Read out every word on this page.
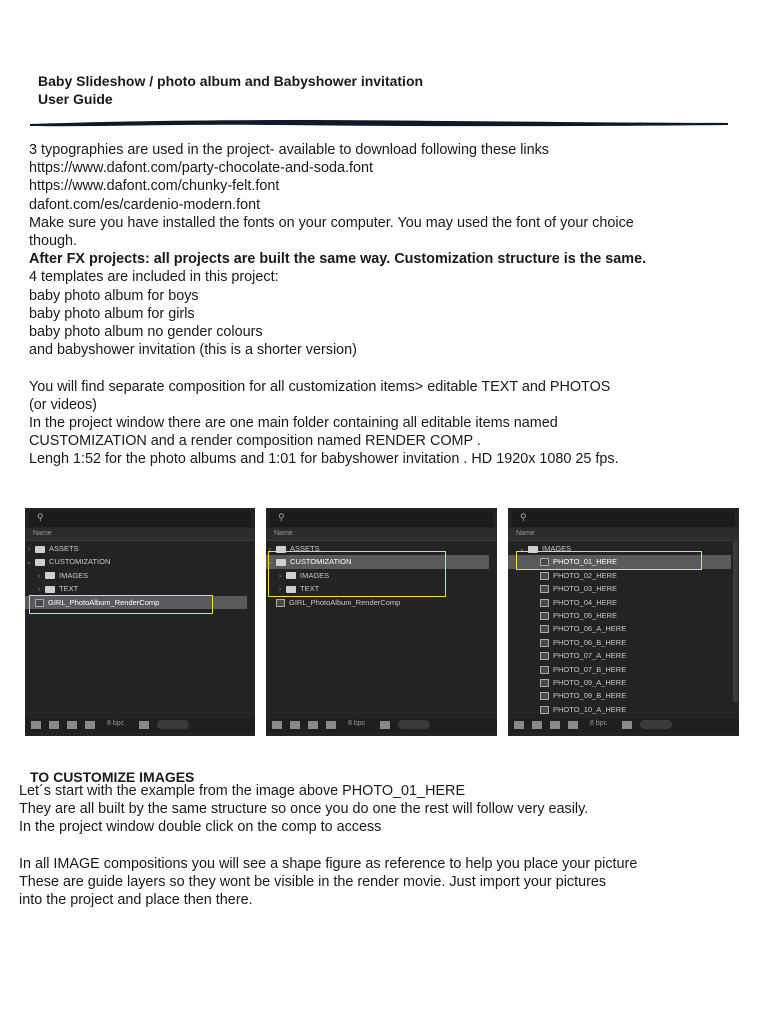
Baby Slideshow / photo album and Babyshower invitation
User Guide
3 typographies are used in the project- available to download following these links
https://www.dafont.com/party-chocolate-and-soda.font
https://www.dafont.com/chunky-felt.font
dafont.com/es/cardenio-modern.font
Make sure you have installed the fonts on your computer. You may used the font of your choice
though.
After FX projects: all projects are built the same way. Customization structure is the same.
4 templates are included in this project:
baby photo album for boys
baby photo album for girls
baby photo album no gender colours
and babyshower invitation (this is a shorter version)
You will find separate composition for all customization items> editable TEXT and PHOTOS
(or videos)
In the project window there are one main folder containing all editable items named
CUSTOMIZATION and a render composition named RENDER COMP .
Lengh 1:52 for the photo albums and 1:01 for babyshower invitation . HD 1920x 1080 25 fps.
⚲
Name
›	ASSETS
⌄ CUSTOMIZATION
›	IMAGES
›	TEXT
GIRL_PhotoAlbum_RenderComp
8 bpc
⚲
Name
›	ASSETS
⌄ CUSTOMIZATION
›	IMAGES
›	TEXT
GIRL_PhotoAlbum_RenderComp
8 bpc
⚲
Name
⌄ IMAGES
PHOTO_01_HERE
PHOTO_02_HERE
PHOTO_03_HERE
PHOTO_04_HERE
PHOTO_05_HERE
PHOTO_06_A_HERE
PHOTO_06_B_HERE
PHOTO_07_A_HERE
PHOTO_07_B_HERE
PHOTO_09_A_HERE
PHOTO_09_B_HERE
PHOTO_10_A_HERE
8 bpc
TO CUSTOMIZE IMAGES
Let´s start with the example from the image above PHOTO_01_HERE
They are all built by the same structure so once you do one the rest will follow very easily.
In the project window double click on the comp to access
In all IMAGE compositions you will see a shape figure as reference to help you place your picture
These are guide layers so they wont be visible in the render movie. Just import your pictures
into the project and place then there.
